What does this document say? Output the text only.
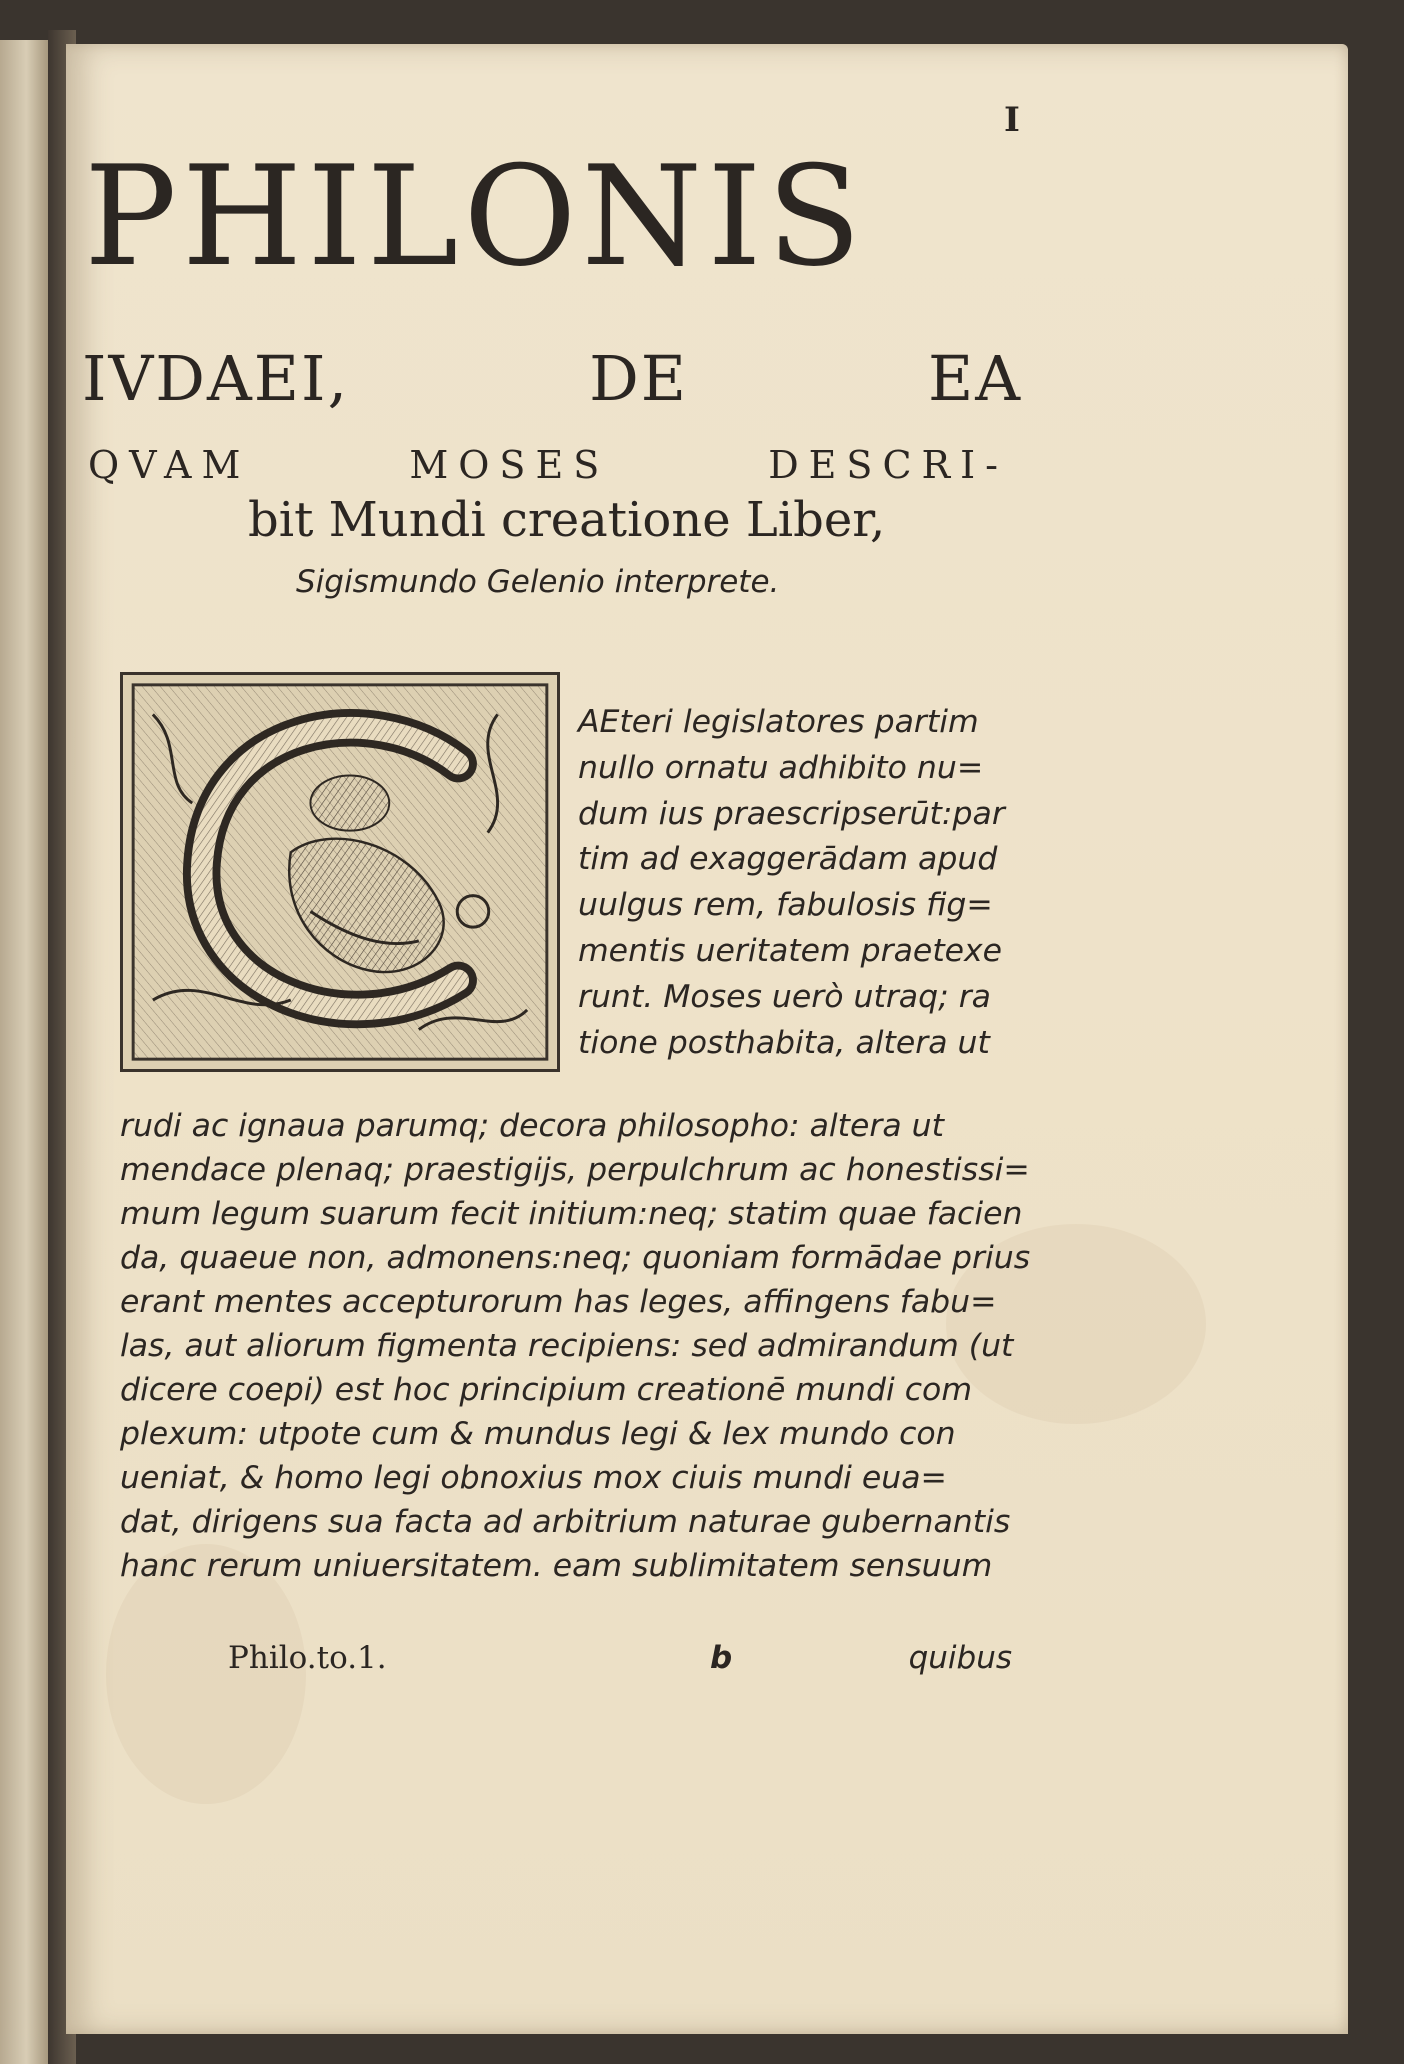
I
PHILONIS
IVDAEI,	DE	EA
QVAM	MOSES	DESCRI-
bit Mundi creatione Liber,
Sigismundo Gelenio interprete.
AEteri legislatores partim
nullo ornatu adhibito nu=
dum ius praescripserūt:par
tim ad exaggerādam apud
uulgus rem, fabulosis fig=
mentis ueritatem praetexe
runt. Moses uerò utraq; ra
tione posthabita, altera ut
rudi ac ignaua parumq; decora philosopho: altera ut
mendace plenaq; praestigijs, perpulchrum ac honestissi=
mum legum suarum fecit initium:neq; statim quae facien
da, quaeue non, admonens:neq; quoniam formādae prius
erant mentes accepturorum has leges, affingens fabu=
las, aut aliorum figmenta recipiens: sed admirandum (ut
dicere coepi) est hoc principium creationē mundi com
plexum: utpote cum & mundus legi & lex mundo con
ueniat, & homo legi obnoxius mox ciuis mundi eua=
dat, dirigens sua facta ad arbitrium naturae gubernantis
hanc rerum uniuersitatem. eam sublimitatem sensuum
Philo.to.1.	b	quibus
